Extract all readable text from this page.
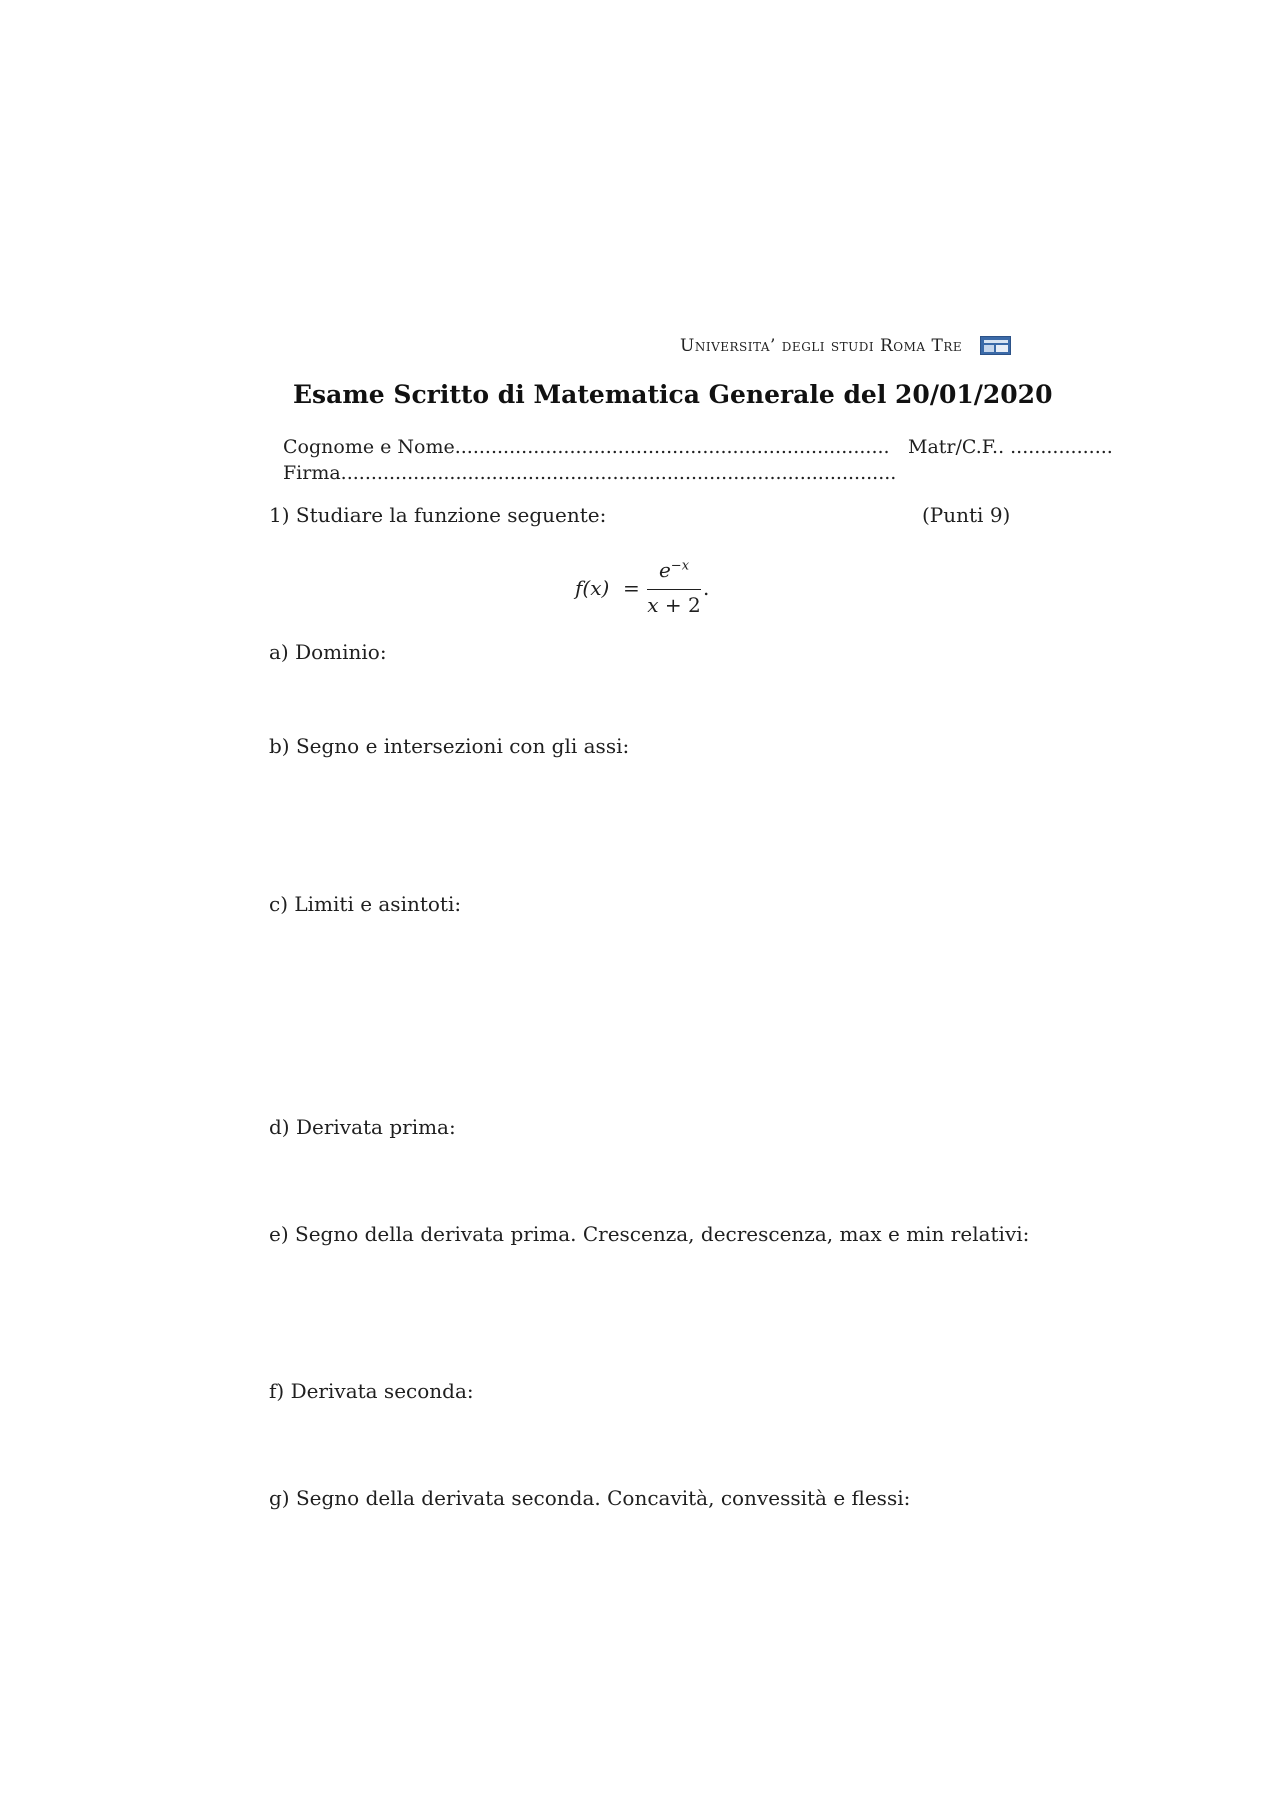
Universita’ degli studi Roma Tre
Esame Scritto di Matematica Generale del 20/01/2020
Cognome e Nome........................................................................ Matr/C.F.. .................
Firma............................................................................................
1) Studiare la funzione seguente:	(Punti 9)
f(x) =
$e^{-x}$
x + 2
.
a) Dominio:
b) Segno e intersezioni con gli assi:
c) Limiti e asintoti:
d) Derivata prima:
e) Segno della derivata prima. Crescenza, decrescenza, max e min relativi:
f) Derivata seconda:
g) Segno della derivata seconda. Concavità, convessità e flessi:
